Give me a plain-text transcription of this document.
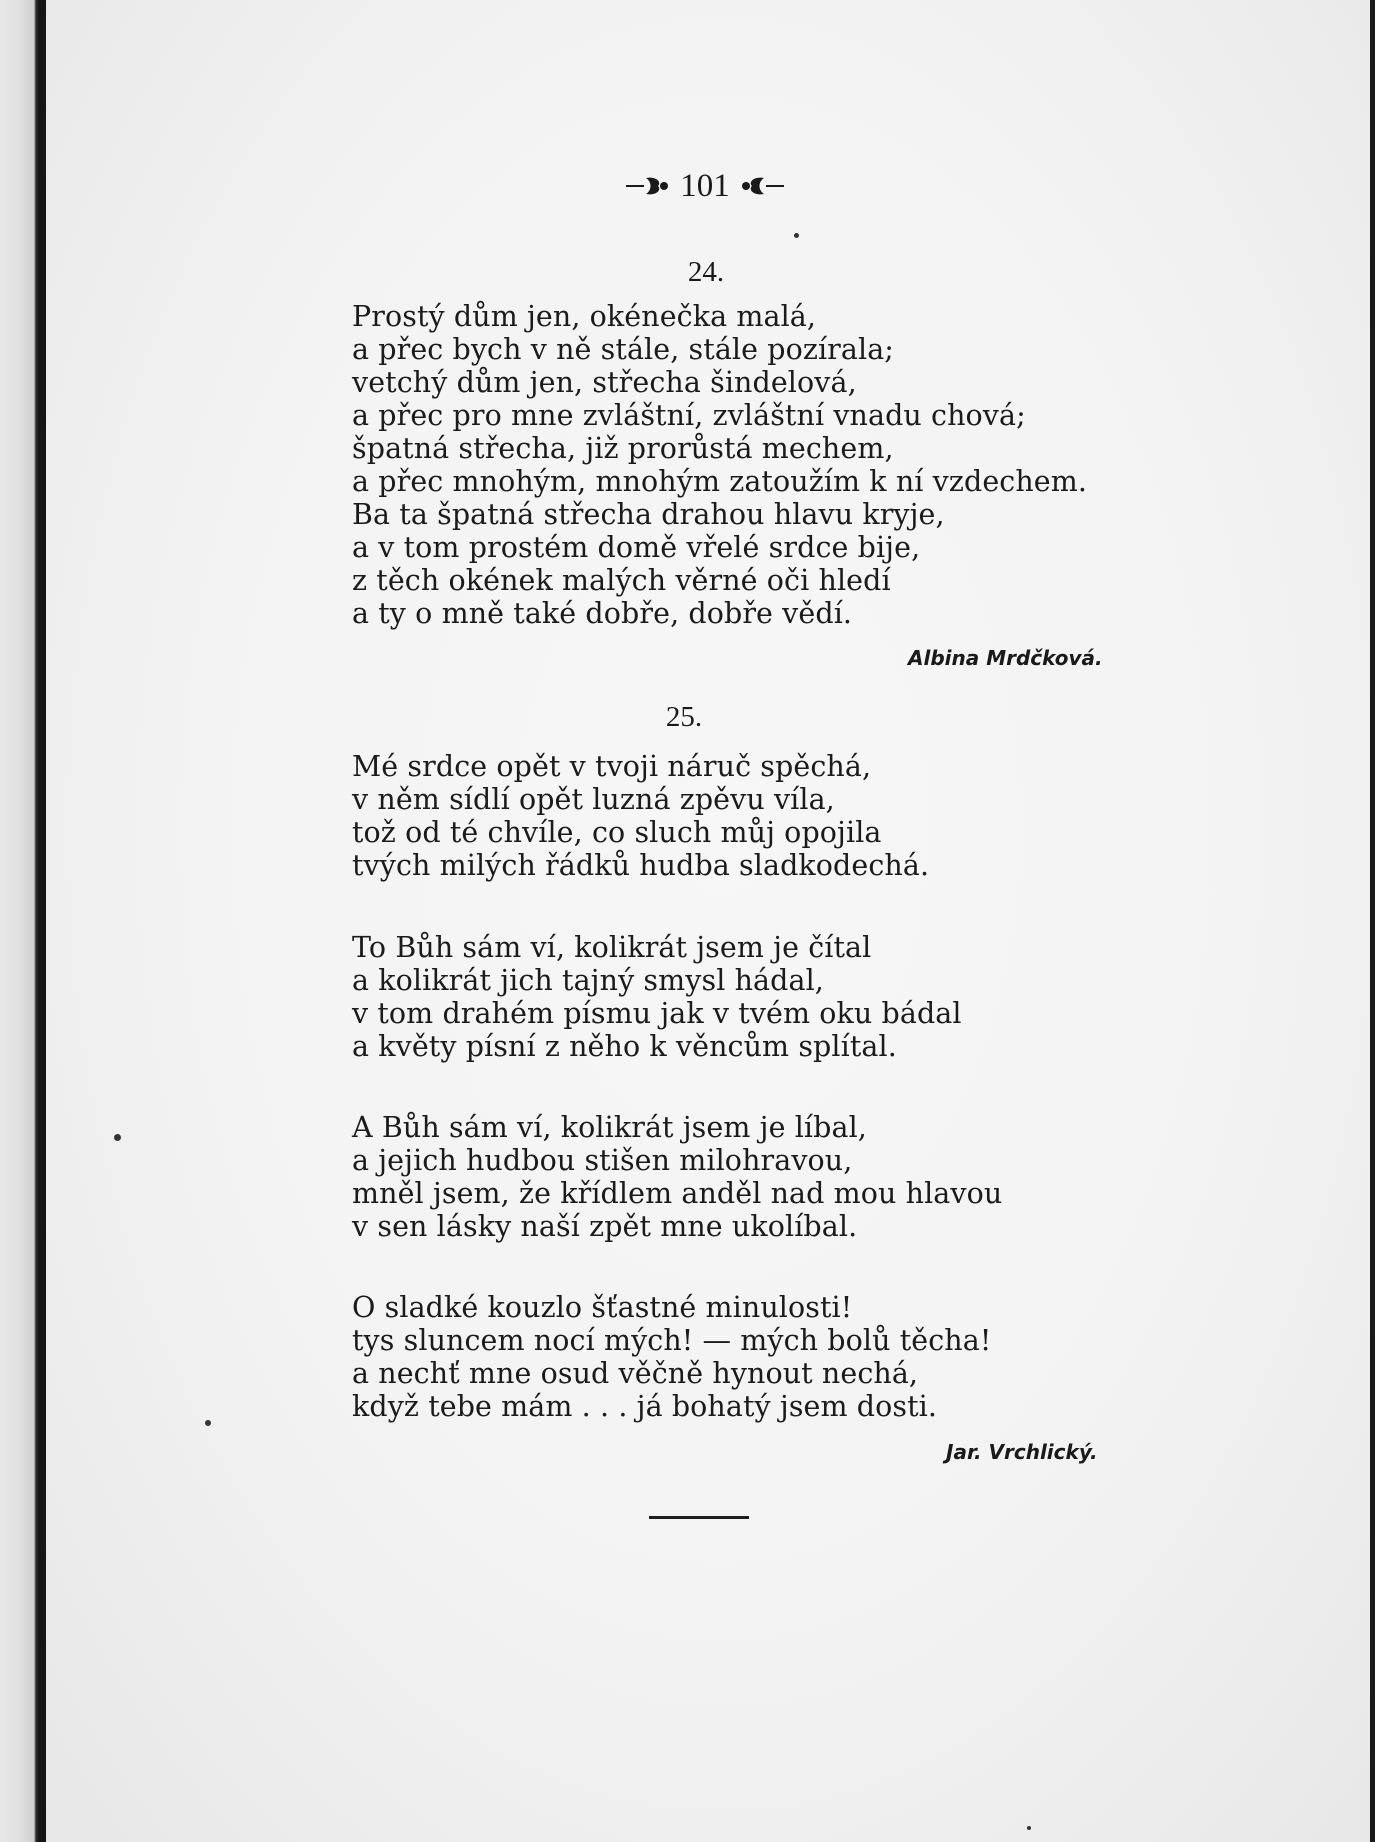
101
24.
Prostý dům jen, okénečka malá,
a přec bych v ně stále, stále pozírala;
vetchý dům jen, střecha šindelová,
a přec pro mne zvláštní, zvláštní vnadu chová;
špatná střecha, již prorůstá mechem,
a přec mnohým, mnohým zatoužím k ní vzdechem.
Ba ta špatná střecha drahou hlavu kryje,
a v tom prostém domě vřelé srdce bije,
z těch okének malých věrné oči hledí
a ty o mně také dobře, dobře vědí.
Albina Mrdčková.
25.
Mé srdce opět v tvoji náruč spěchá,
v něm sídlí opět luzná zpěvu víla,
tož od té chvíle, co sluch můj opojila
tvých milých řádků hudba sladkodechá.
To Bůh sám ví, kolikrát jsem je čítal
a kolikrát jich tajný smysl hádal,
v tom drahém písmu jak v tvém oku bádal
a květy písní z něho k věncům splítal.
A Bůh sám ví, kolikrát jsem je líbal,
a jejich hudbou stišen milohravou,
mněl jsem, že křídlem anděl nad mou hlavou
v sen lásky naší zpět mne ukolíbal.
O sladké kouzlo šťastné minulosti!
tys sluncem nocí mých! — mých bolů těcha!
a nechť mne osud věčně hynout nechá,
když tebe mám . . . já bohatý jsem dosti.
Jar. Vrchlický.
